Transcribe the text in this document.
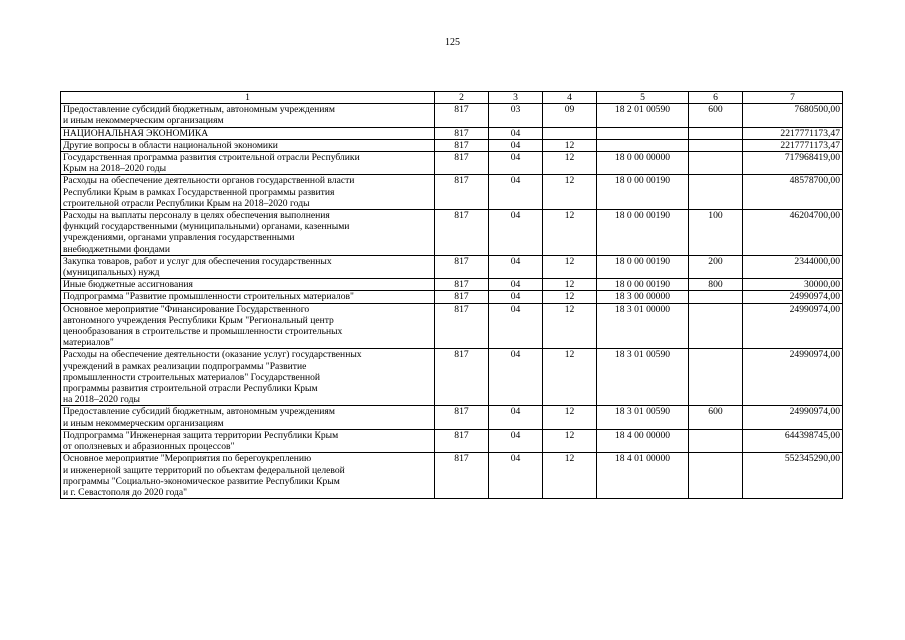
125
1	2	3	4	5	6	7
Предоставление субсидий бюджетным, автономным учреждениям
и иным некоммерческим организациям	817	03	09	18 2 01 00590	600	7680500,00
НАЦИОНАЛЬНАЯ ЭКОНОМИКА	817	04				2217771173,47
Другие вопросы в области национальной экономики	817	04	12			2217771173,47
Государственная программа развития строительной отрасли Республики
Крым на 2018–2020 годы	817	04	12	18 0 00 00000		717968419,00
Расходы на обеспечение деятельности органов государственной власти
Республики Крым в рамках Государственной программы развития
строительной отрасли Республики Крым на 2018–2020 годы	817	04	12	18 0 00 00190		48578700,00
Расходы на выплаты персоналу в целях обеспечения выполнения
функций государственными (муниципальными) органами, казенными
учреждениями, органами управления государственными
внебюджетными фондами	817	04	12	18 0 00 00190	100	46204700,00
Закупка товаров, работ и услуг для обеспечения государственных
(муниципальных) нужд	817	04	12	18 0 00 00190	200	2344000,00
Иные бюджетные ассигнования	817	04	12	18 0 00 00190	800	30000,00
Подпрограмма "Развитие промышленности строительных материалов"	817	04	12	18 3 00 00000		24990974,00
Основное мероприятие "Финансирование Государственного
автономного учреждения Республики Крым "Региональный центр
ценообразования в строительстве и промышленности строительных
материалов"	817	04	12	18 3 01 00000		24990974,00
Расходы на обеспечение деятельности (оказание услуг) государственных
учреждений в рамках реализации подпрограммы "Развитие
промышленности строительных материалов" Государственной
программы развития строительной отрасли Республики Крым
на 2018–2020 годы	817	04	12	18 3 01 00590		24990974,00
Предоставление субсидий бюджетным, автономным учреждениям
и иным некоммерческим организациям	817	04	12	18 3 01 00590	600	24990974,00
Подпрограмма "Инженерная защита территории Республики Крым
от оползневых и абразионных процессов"	817	04	12	18 4 00 00000		644398745,00
Основное мероприятие "Мероприятия по берегоукреплению
и инженерной защите территорий по объектам федеральной целевой
программы "Социально-экономическое развитие Республики Крым
и г. Севастополя до 2020 года"	817	04	12	18 4 01 00000		552345290,00
